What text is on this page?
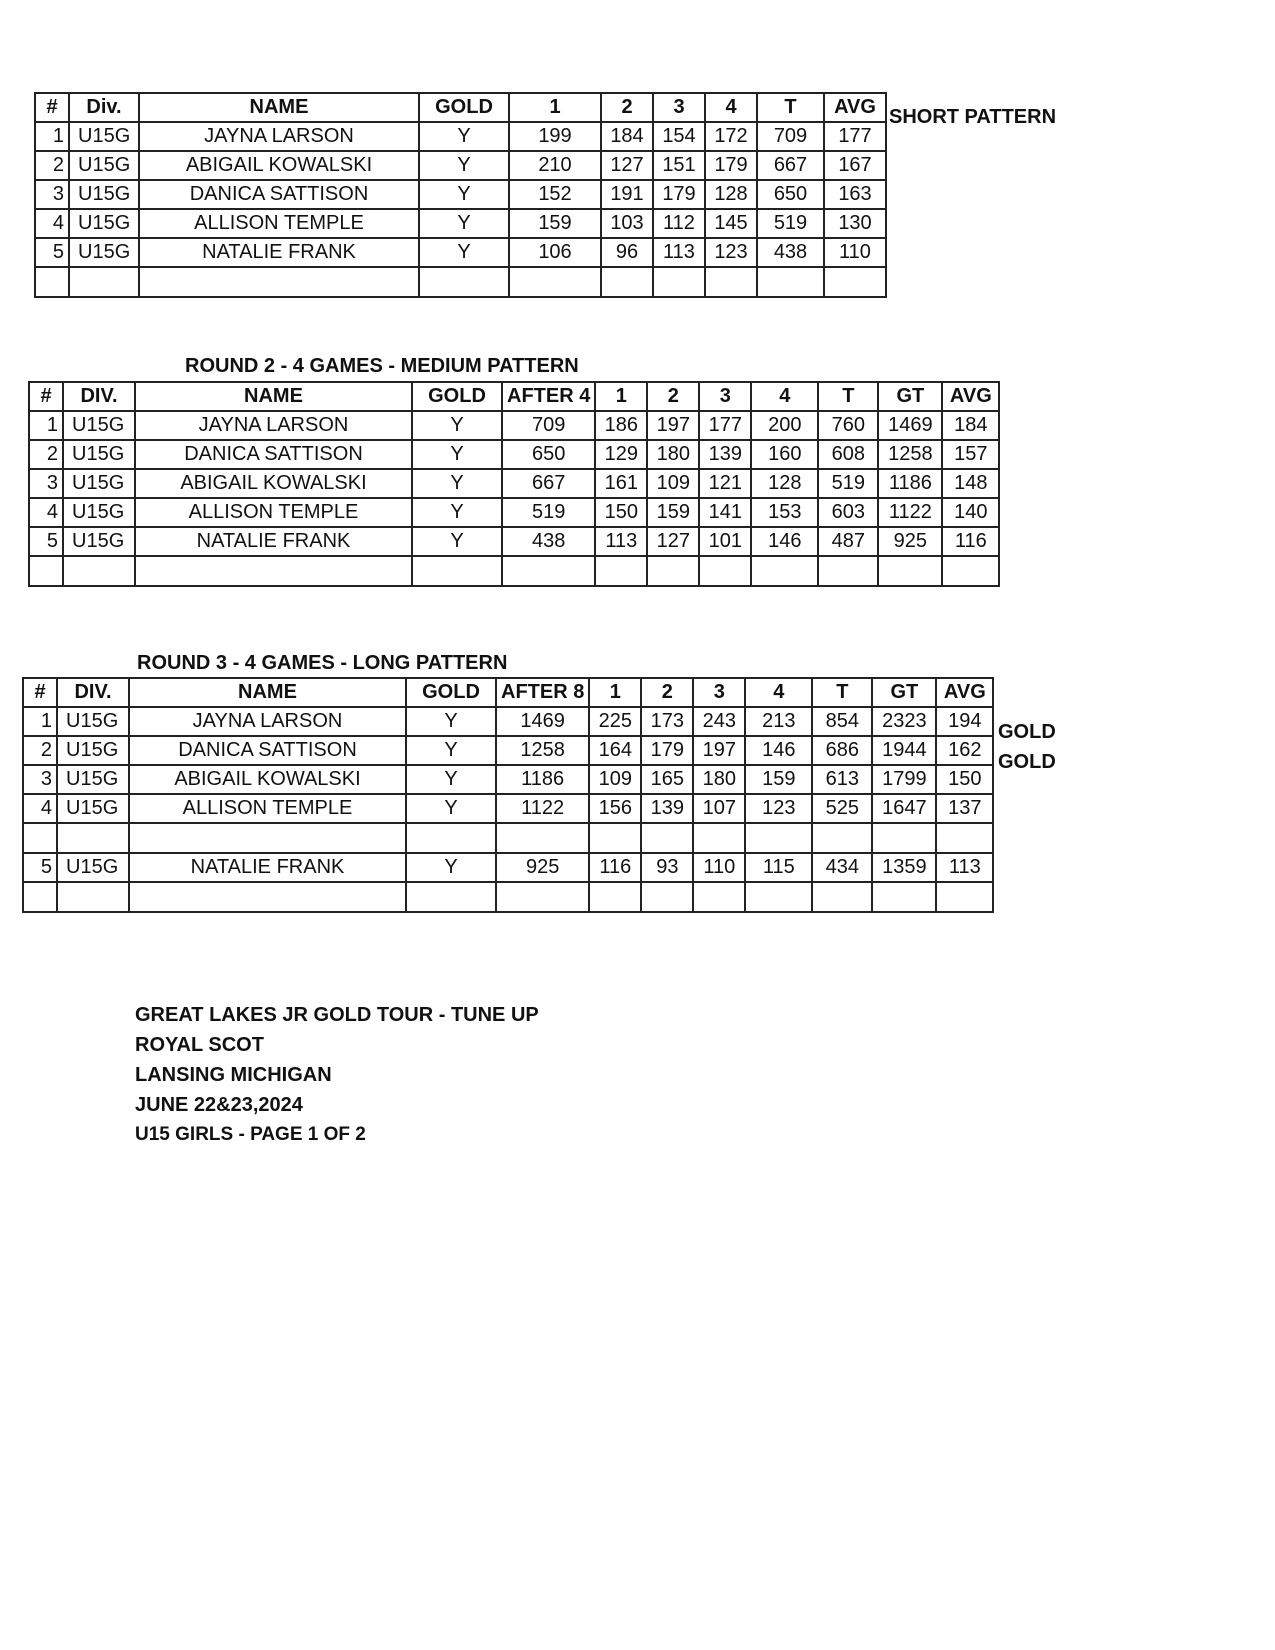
#	Div.	NAME	GOLD	1	2	3	4	T	AVG
1	U15G	JAYNA LARSON	Y	199	184	154	172	709	177
2	U15G	ABIGAIL KOWALSKI	Y	210	127	151	179	667	167
3	U15G	DANICA SATTISON	Y	152	191	179	128	650	163
4	U15G	ALLISON TEMPLE	Y	159	103	112	145	519	130
5	U15G	NATALIE FRANK	Y	106	96	113	123	438	110

SHORT PATTERN
ROUND 2 - 4 GAMES - MEDIUM PATTERN
#	DIV.	NAME	GOLD	AFTER 4	1	2	3	4	T	GT	AVG
1	U15G	JAYNA LARSON	Y	709	186	197	177	200	760	1469	184
2	U15G	DANICA SATTISON	Y	650	129	180	139	160	608	1258	157
3	U15G	ABIGAIL KOWALSKI	Y	667	161	109	121	128	519	1186	148
4	U15G	ALLISON TEMPLE	Y	519	150	159	141	153	603	1122	140
5	U15G	NATALIE FRANK	Y	438	113	127	101	146	487	925	116

ROUND 3 - 4 GAMES - LONG PATTERN
#	DIV.	NAME	GOLD	AFTER 8	1	2	3	4	T	GT	AVG
1	U15G	JAYNA LARSON	Y	1469	225	173	243	213	854	2323	194
2	U15G	DANICA SATTISON	Y	1258	164	179	197	146	686	1944	162
3	U15G	ABIGAIL KOWALSKI	Y	1186	109	165	180	159	613	1799	150
4	U15G	ALLISON TEMPLE	Y	1122	156	139	107	123	525	1647	137

5	U15G	NATALIE FRANK	Y	925	116	93	110	115	434	1359	113

GOLD
GOLD
GREAT LAKES JR GOLD TOUR - TUNE UP
ROYAL SCOT
LANSING MICHIGAN
JUNE 22&23,2024
U15 GIRLS - PAGE 1 OF 2
